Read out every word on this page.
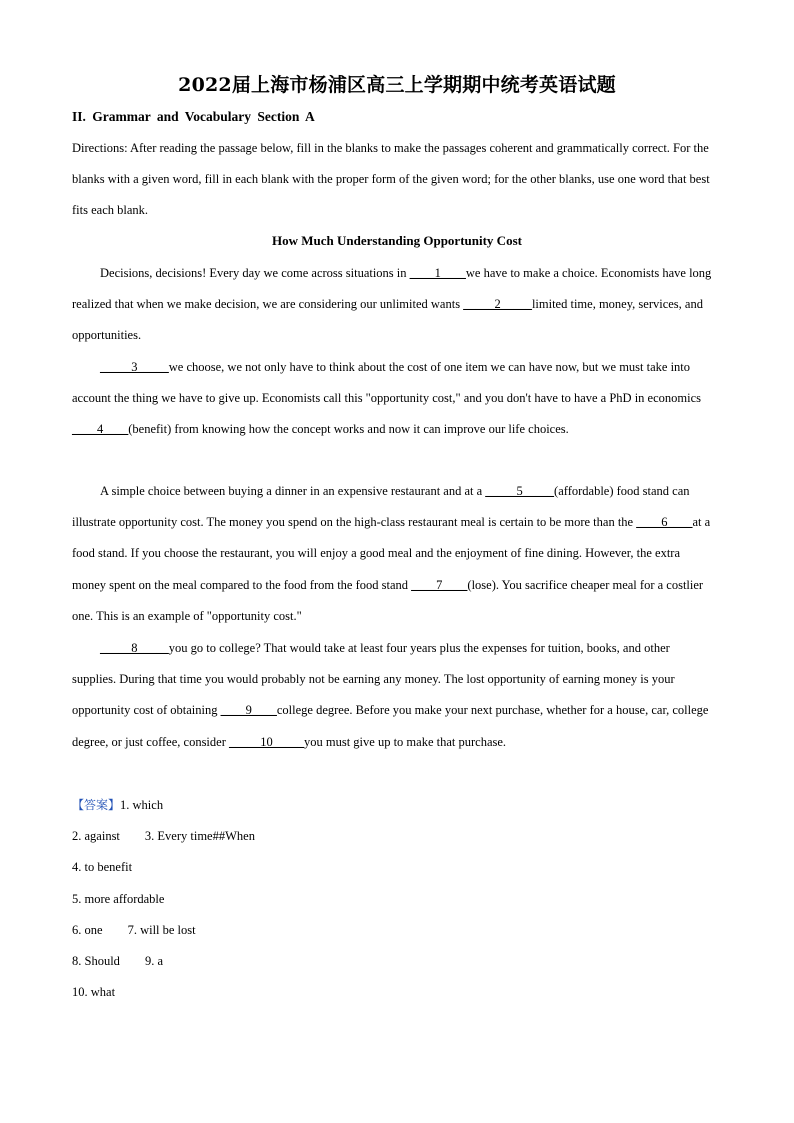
2022届上海市杨浦区高三上学期期中统考英语试题
II. Grammar and Vocabulary Section A
Directions: After reading the passage below, fill in the blanks to make the passages coherent and grammatically correct. For the blanks with a given word, fill in each blank with the proper form of the given word; for the other blanks, use one word that best fits each blank.
How Much Understanding Opportunity Cost
Decisions, decisions! Every day we come across situations in ____1____we have to make a choice. Economists have long realized that when we make decision, we are considering our unlimited wants _____2_____limited time, money, services, and opportunities.
_____3_____we choose, we not only have to think about the cost of one item we can have now, but we must take into account the thing we have to give up. Economists call this "opportunity cost," and you don't have to have a PhD in economics ____4____(benefit) from knowing how the concept works and now it can improve our life choices.
A simple choice between buying a dinner in an expensive restaurant and at a _____5_____(affordable) food stand can illustrate opportunity cost. The money you spend on the high-class restaurant meal is certain to be more than the ____6____at a food stand. If you choose the restaurant, you will enjoy a good meal and the enjoyment of fine dining. However, the extra money spent on the meal compared to the food from the food stand ____7____(lose). You sacrifice cheaper meal for a costlier one. This is an example of "opportunity cost."
_____8_____you go to college? That would take at least four years plus the expenses for tuition, books, and other supplies. During that time you would probably not be earning any money. The lost opportunity of earning money is your opportunity cost of obtaining ____9____college degree. Before you make your next purchase, whether for a house, car, college degree, or just coffee, consider _____10_____you must give up to make that purchase.
【答案】1. which
2. against 3. Every time##When
4. to benefit
5. more affordable
6. one 7. will be lost
8. Should 9. a
10. what
